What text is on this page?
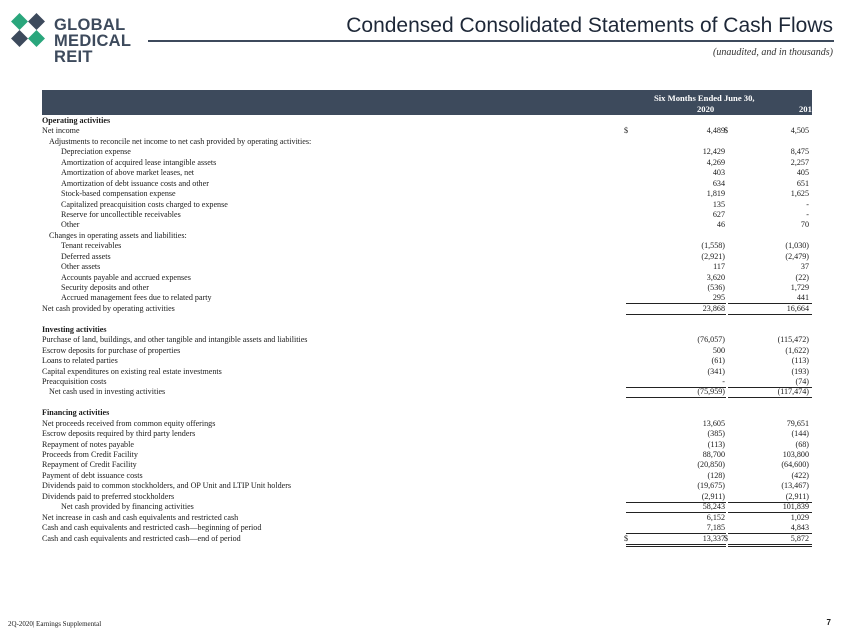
GLOBAL
MEDICAL REIT
Condensed Consolidated Statements of Cash Flows
(unaudited, and in thousands)
Six Months Ended June 30,
2020	2019
Operating activities
Net income	$	4,489 $	4,505
Adjustments to reconcile net income to net cash provided by operating activities:
Depreciation expense	12,429	8,475
Amortization of acquired lease intangible assets	4,269	2,257
Amortization of above market leases, net	403	405
Amortization of debt issuance costs and other	634	651
Stock-based compensation expense	1,819	1,625
Capitalized preacquisition costs charged to expense	135	-
Reserve for uncollectible receivables	627	-
Other	46	70
Changes in operating assets and liabilities:
Tenant receivables	(1,558)	(1,030)
Deferred assets	(2,921)	(2,479)
Other assets	117	37
Accounts payable and accrued expenses	3,620	(22)
Security deposits and other	(536)	1,729
Accrued management fees due to related party	295	441
Net cash provided by operating activities	23,868	16,664
Investing activities
Purchase of land, buildings, and other tangible and intangible assets and liabilities	(76,057)	(115,472)
Escrow deposits for purchase of properties	500	(1,622)
Loans to related parties	(61)	(113)
Capital expenditures on existing real estate investments	(341)	(193)
Preacquisition costs	-	(74)
Net cash used in investing activities	(75,959)	(117,474)
Financing activities
Net proceeds received from common equity offerings	13,605	79,651
Escrow deposits required by third party lenders	(385)	(144)
Repayment of notes payable	(113)	(68)
Proceeds from Credit Facility	88,700	103,800
Repayment of Credit Facility	(20,850)	(64,600)
Payment of debt issuance costs	(128)	(422)
Dividends paid to common stockholders, and OP Unit and LTIP Unit holders	(19,675)	(13,467)
Dividends paid to preferred stockholders	(2,911)	(2,911)
Net cash provided by financing activities	58,243	101,839
Net increase in cash and cash equivalents and restricted cash	6,152	1,029
Cash and cash equivalents and restricted cash—beginning of period	7,185	4,843
Cash and cash equivalents and restricted cash—end of period	$	13,337 $	5,872
2Q-2020| Earnings Supplemental	7
